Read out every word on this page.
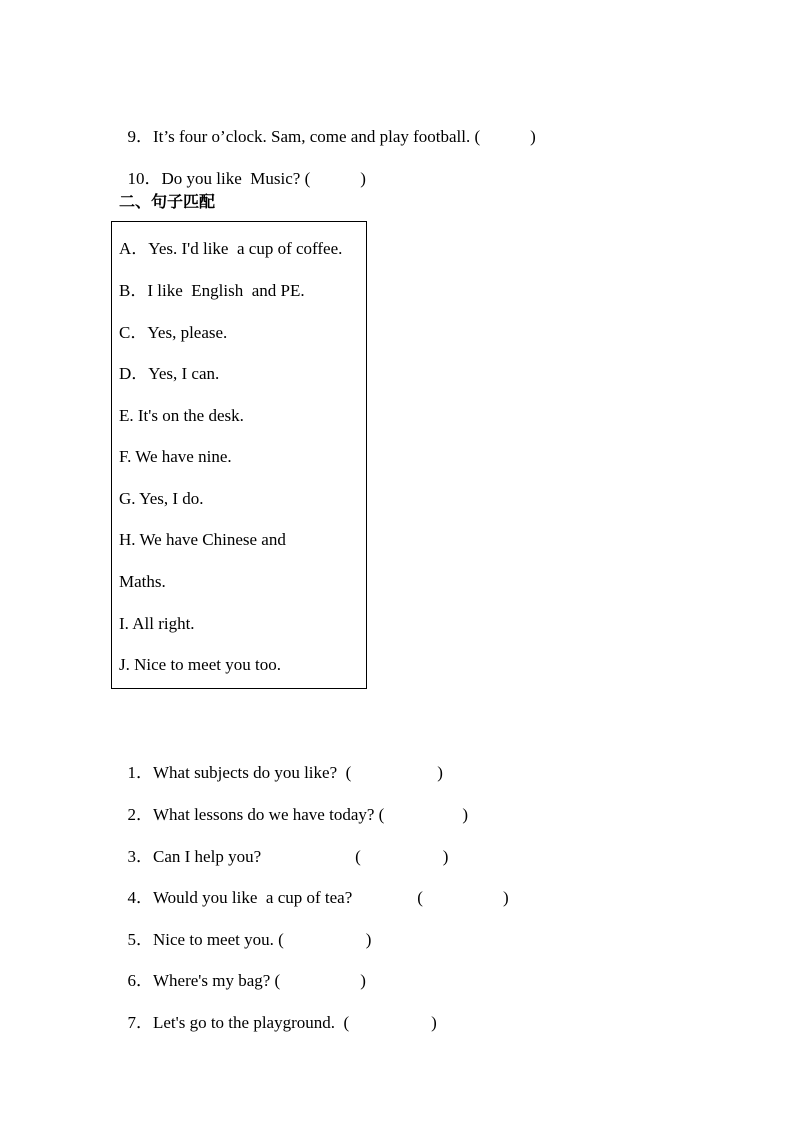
9．It’s four o’clock. Sam, come and play football. (	)

10．Do you like  Music? (	)

二、句子匹配
A．Yes. I'd like  a cup of coffee.
B．I like  English  and PE.
C．Yes, please.
D．Yes, I can.
E. It's on the desk.
F. We have nine.
G. Yes, I do.
H. We have Chinese and
Maths.
I. All right.
J. Nice to meet you too.

1．What subjects do you like?  (	)

2．What lessons do we have today? (	)

3．Can I help you?	(	)

4．Would you like  a cup of tea?	(	)

5．Nice to meet you. (	)

6．Where's my bag? (	)

7．Let's go to the playground.  (	)
